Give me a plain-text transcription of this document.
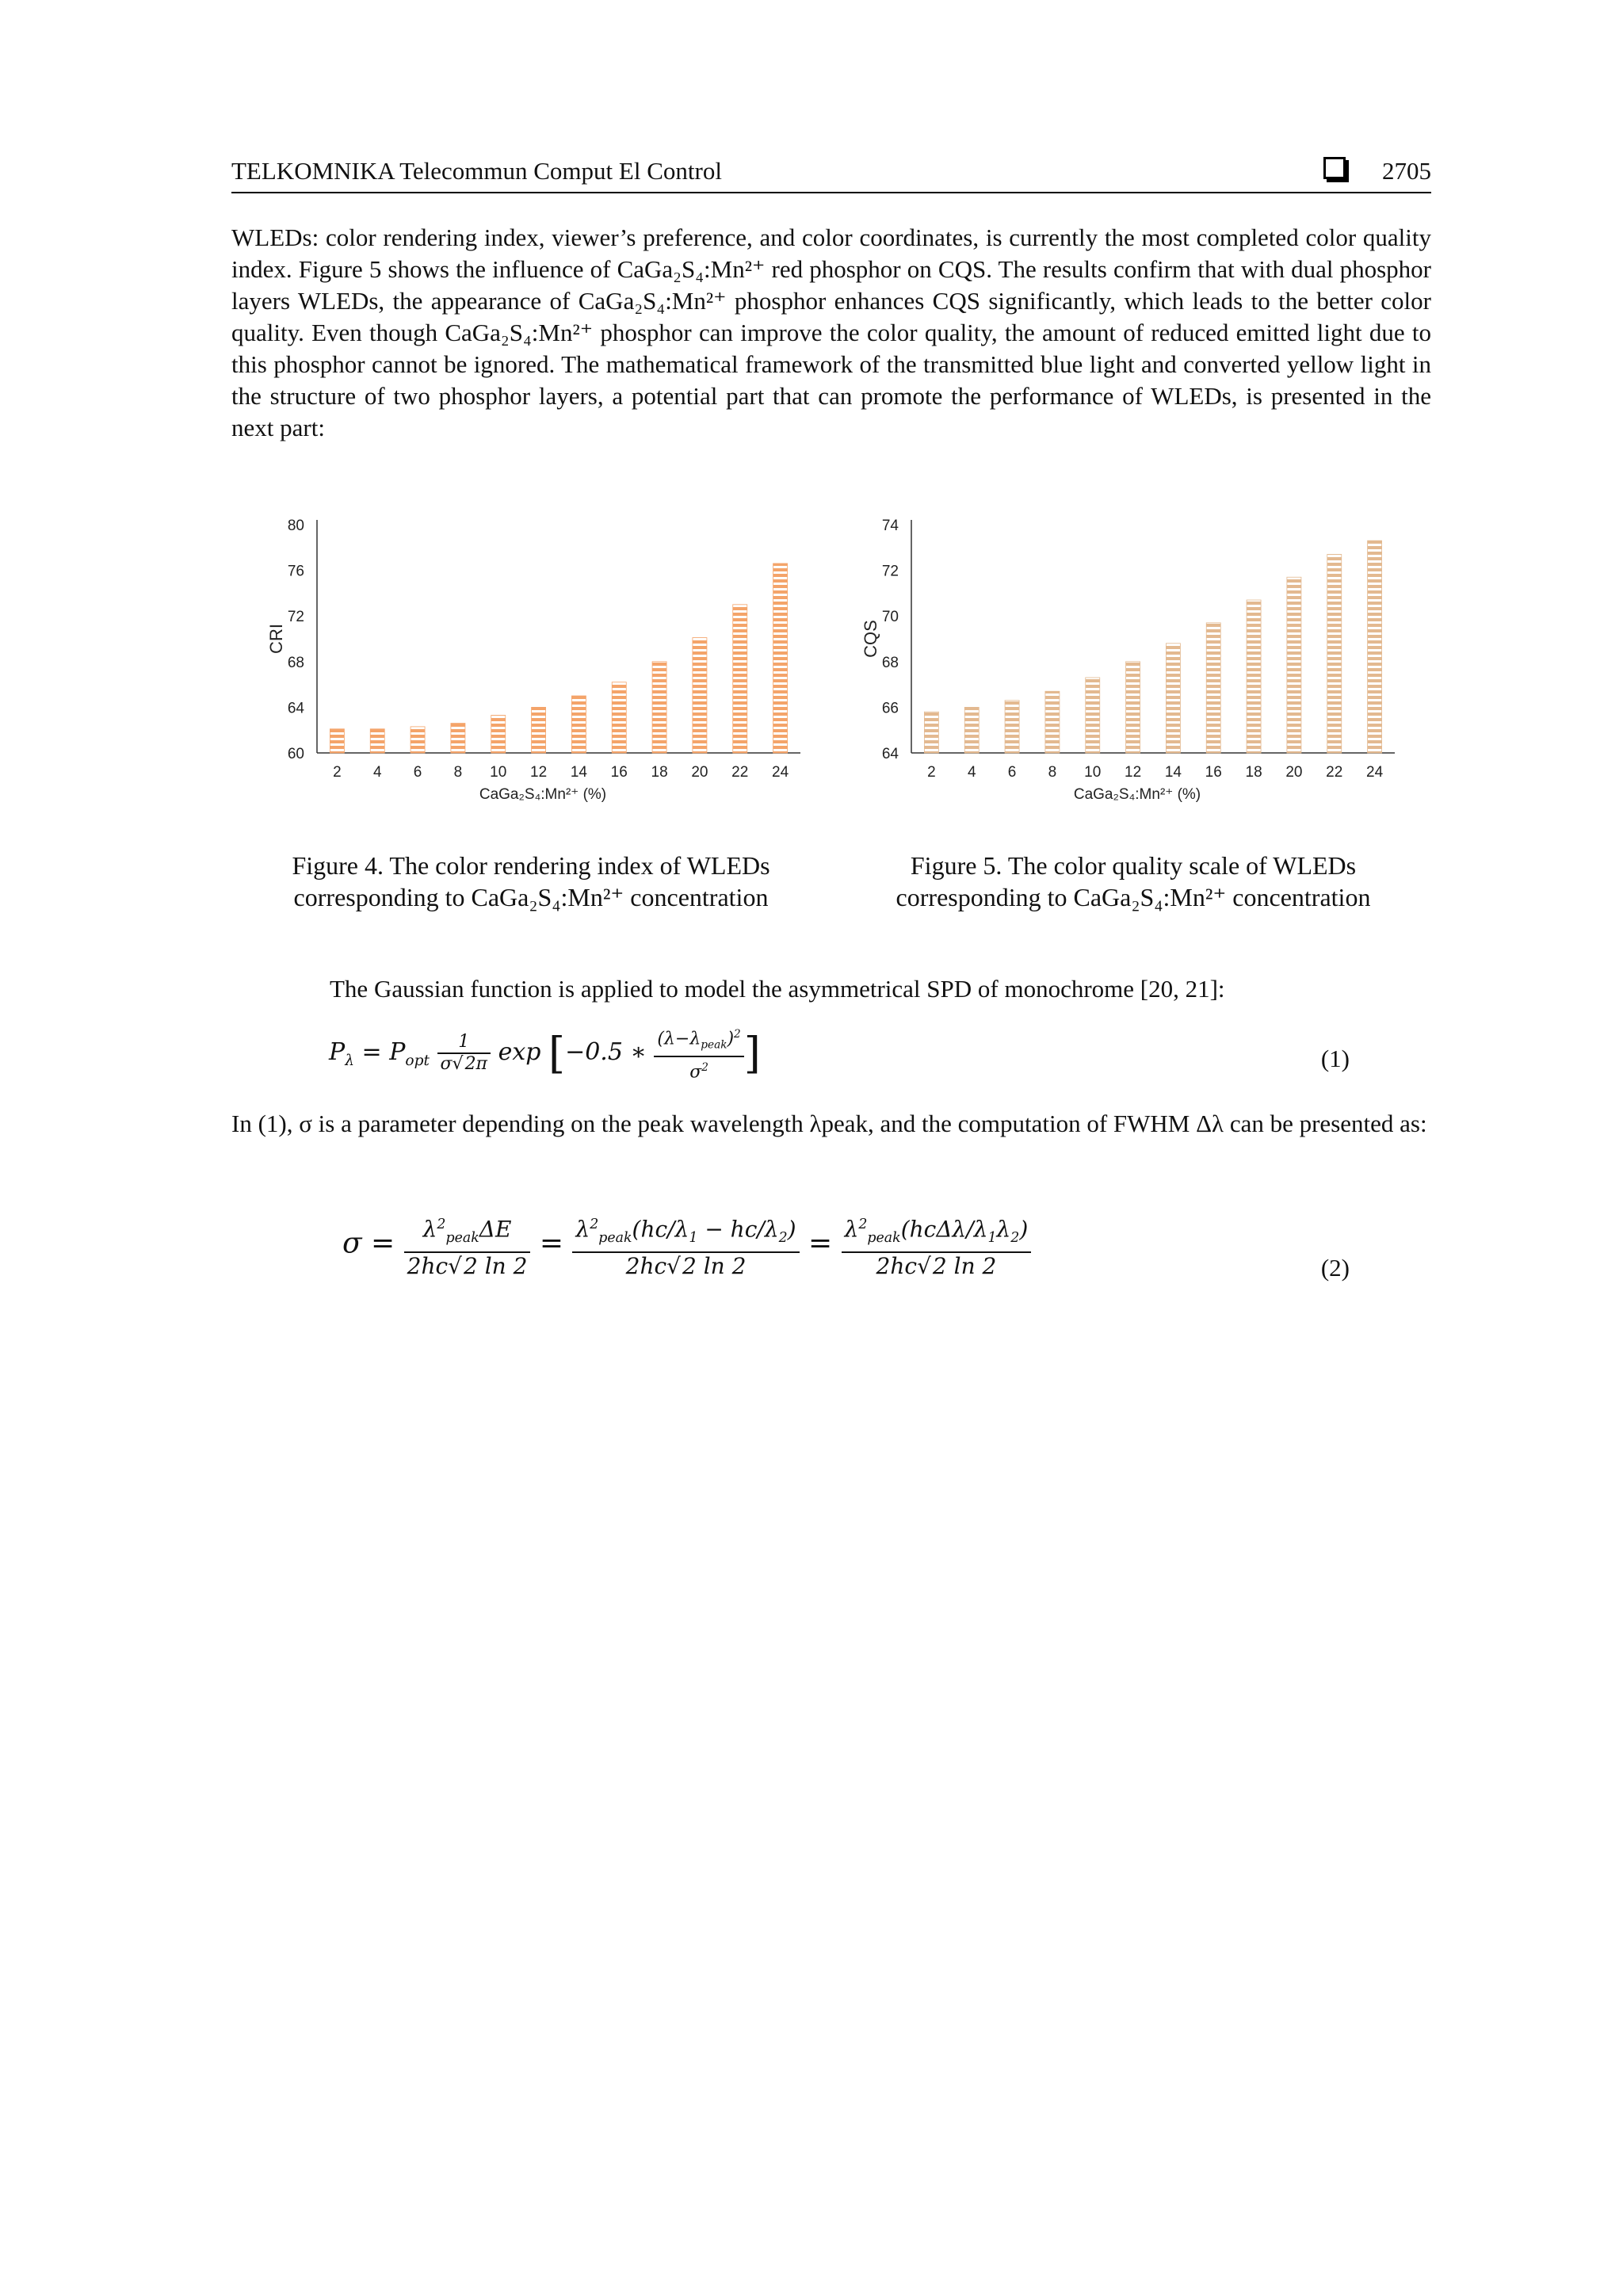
TELKOMNIKA Telecommun Comput El Control	2705

WLEDs: color rendering index, viewer’s preference, and color coordinates, is currently the most completed color quality index. Figure 5 shows the influence of CaGa₂S₄:Mn²⁺ red phosphor on CQS. The results confirm that with dual phosphor layers WLEDs, the appearance of CaGa₂S₄:Mn²⁺ phosphor enhances CQS significantly, which leads to the better color quality. Even though CaGa₂S₄:Mn²⁺ phosphor can improve the color quality, the amount of reduced emitted light due to this phosphor cannot be ignored. The mathematical framework of the transmitted blue light and converted yellow light in the structure of two phosphor layers, a potential part that can promote the performance of WLEDs, is presented in the next part:

60
64
68
72
76
80
2 4 6 8 10 12 14 16 18 20 22 24
CaGa₂S₄:Mn²⁺ (%)
CRI
Figure 4. The color rendering index of WLEDs
corresponding to CaGa₂S₄:Mn²⁺ concentration
64
66
68
70
72
74
2 4 6 8 10 12 14 16 18 20 22 24
CaGa₂S₄:Mn²⁺ (%)
CQS
Figure 5. The color quality scale of WLEDs
corresponding to CaGa₂S₄:Mn²⁺ concentration

The Gaussian function is applied to model the asymmetrical SPD of monochrome [20, 21]:

$P_\lambda = P_{opt} \frac{1}{\sigma√2\pi}$ exp [−0.5 ∗ $\frac{(\lambda-\lambda_{peak})^2}{\sigma^2}$ ]	(1)

In (1), σ is a parameter depending on the peak wavelength λpeak, and the computation of FWHM Δλ can be presented as:

$\sigma = \frac{\lambda^2_{peak}\Delta E}{2hc√2 \ln 2} = \frac{\lambda^2_{peak}(hc/\lambda_1 - hc/\lambda_2)}{2hc√2 \ln 2} = \frac{\lambda^2_{peak}(hc\Delta\lambda/\lambda_1\lambda_2)}{2hc√2 \ln 2}$	(2)
